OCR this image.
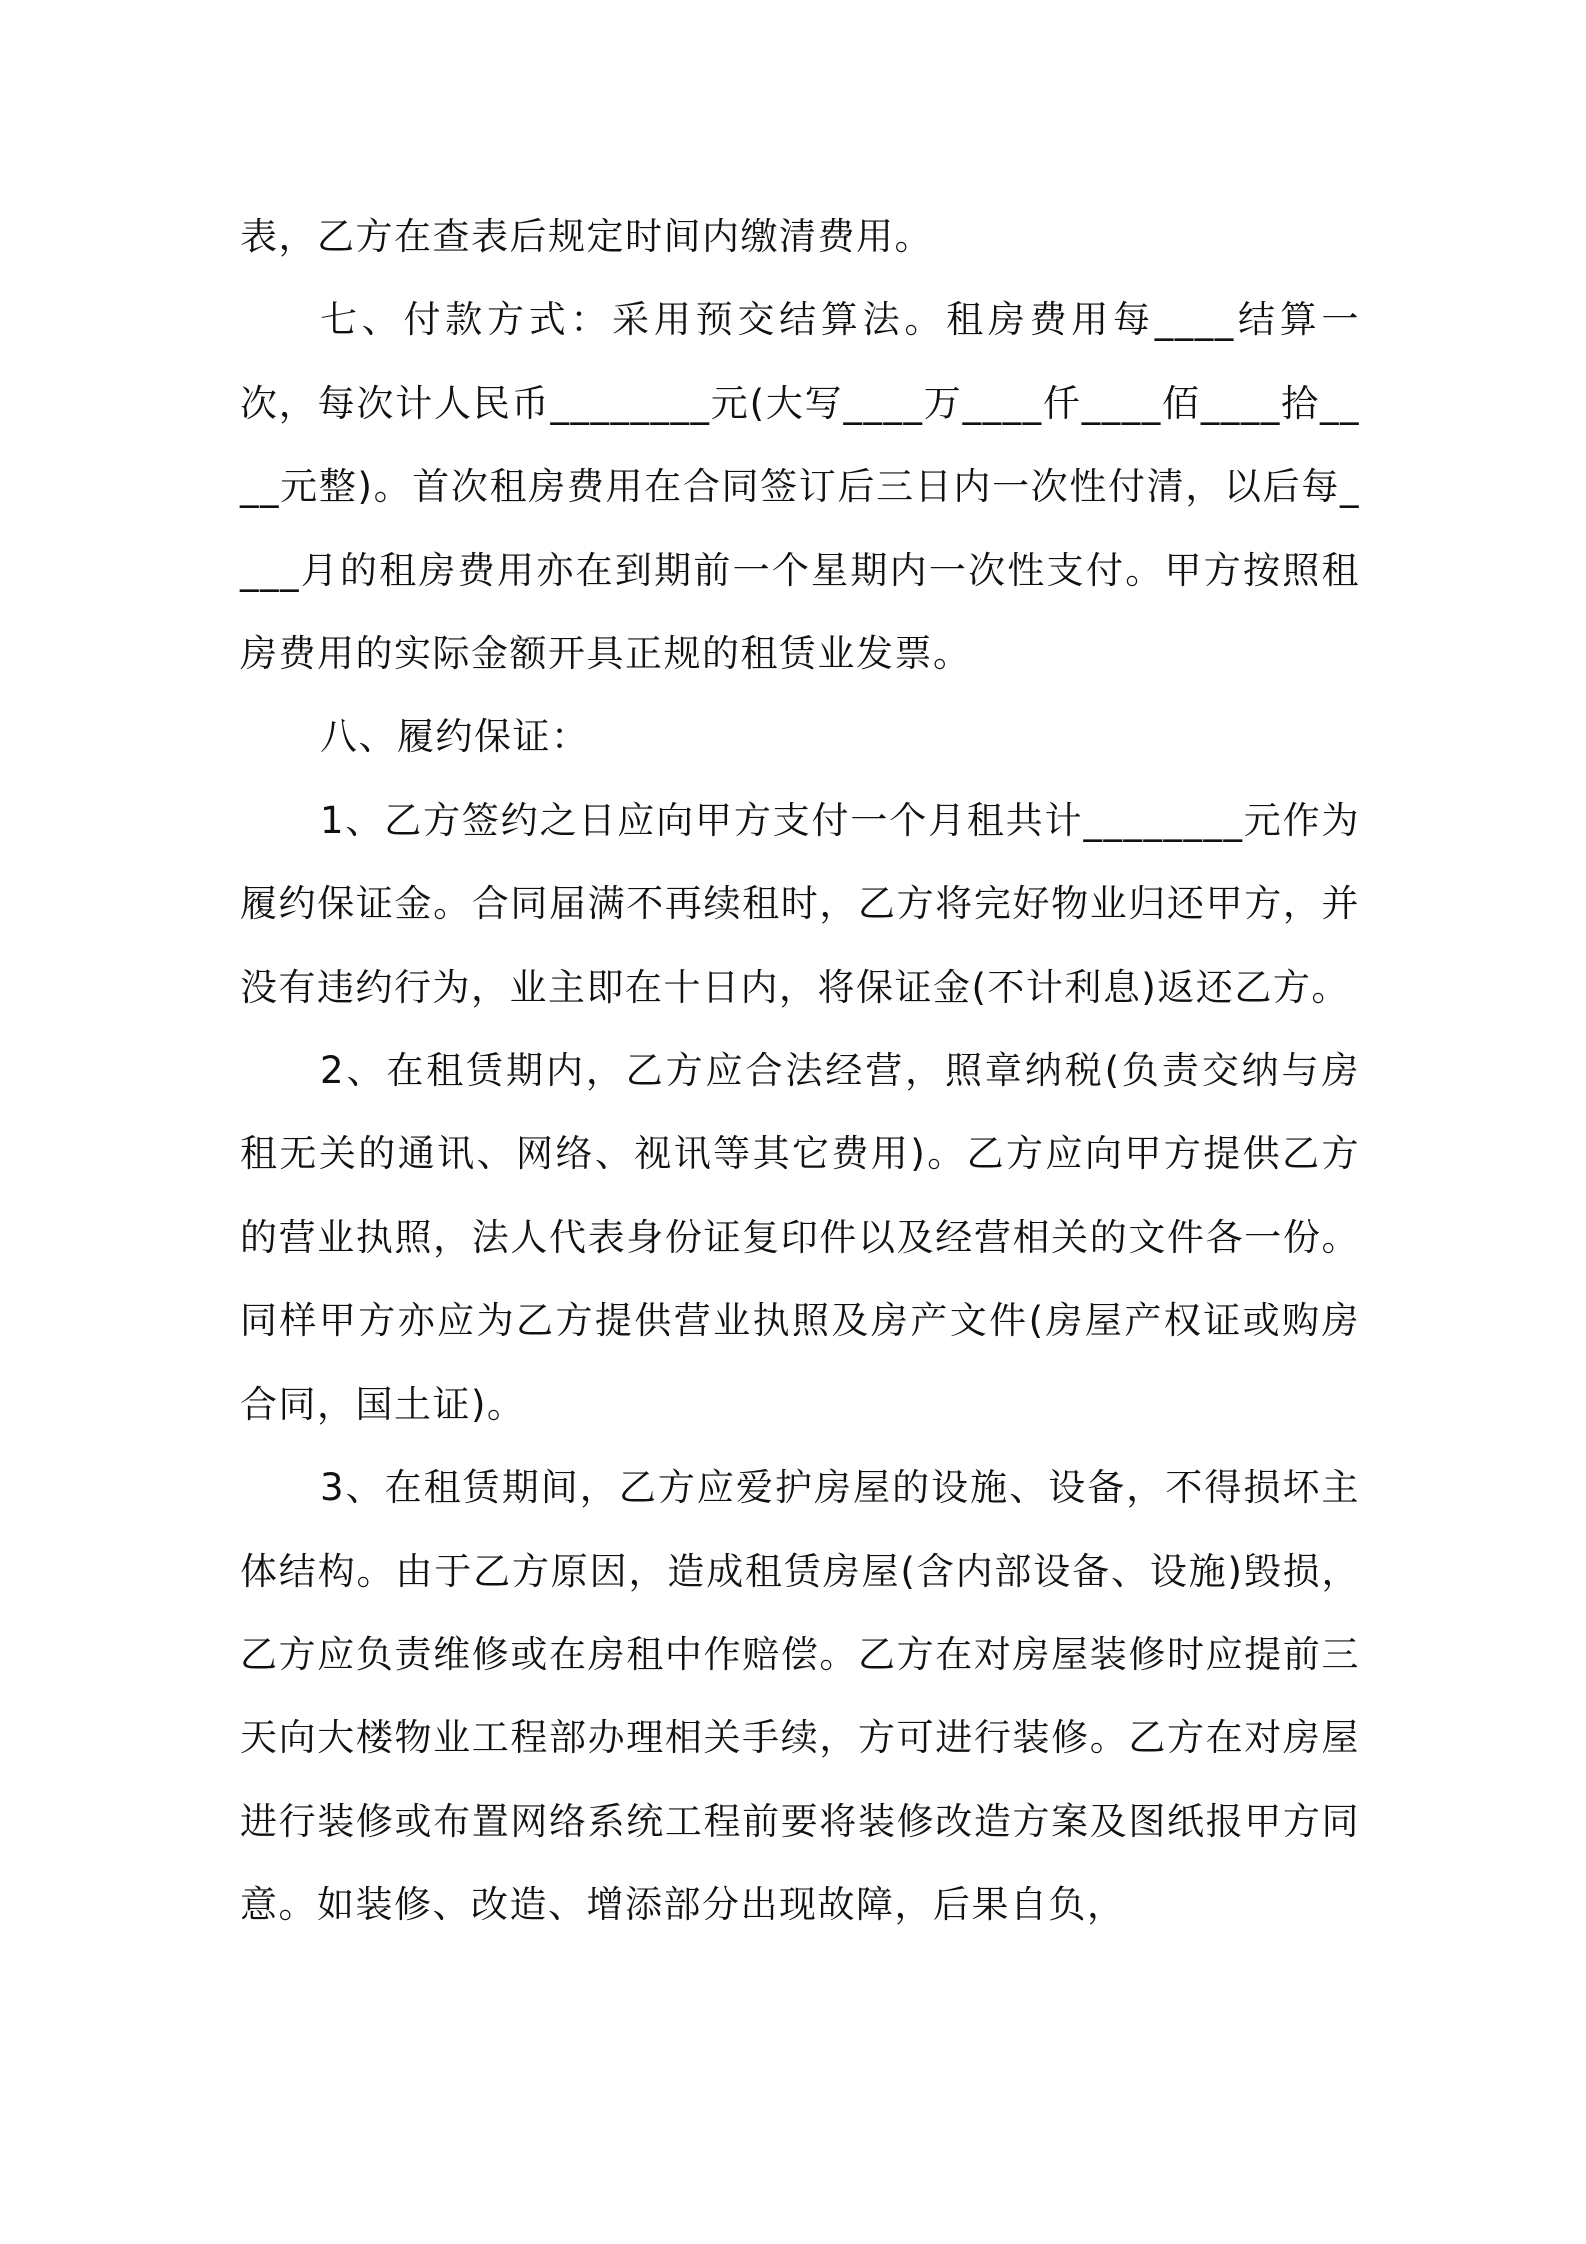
表，乙方在查表后规定时间内缴清费用。

七、付款方式：采用预交结算法。租房费用每____结算一次，每次计人民币________元(大写____万____仟____佰____拾____元整)。首次租房费用在合同签订后三日内一次性付清，以后每____月的租房费用亦在到期前一个星期内一次性支付。甲方按照租房费用的实际金额开具正规的租赁业发票。

八、履约保证：

1、乙方签约之日应向甲方支付一个月租共计________元作为履约保证金。合同届满不再续租时，乙方将完好物业归还甲方，并没有违约行为，业主即在十日内，将保证金(不计利息)返还乙方。

2、在租赁期内，乙方应合法经营，照章纳税(负责交纳与房租无关的通讯、网络、视讯等其它费用)。乙方应向甲方提供乙方的营业执照，法人代表身份证复印件以及经营相关的文件各一份。同样甲方亦应为乙方提供营业执照及房产文件(房屋产权证或购房合同，国土证)。

3、在租赁期间，乙方应爱护房屋的设施、设备，不得损坏主体结构。由于乙方原因，造成租赁房屋(含内部设备、设施)毁损，乙方应负责维修或在房租中作赔偿。乙方在对房屋装修时应提前三天向大楼物业工程部办理相关手续，方可进行装修。乙方在对房屋进行装修或布置网络系统工程前要将装修改造方案及图纸报甲方同意。如装修、改造、增添部分出现故障，后果自负，
